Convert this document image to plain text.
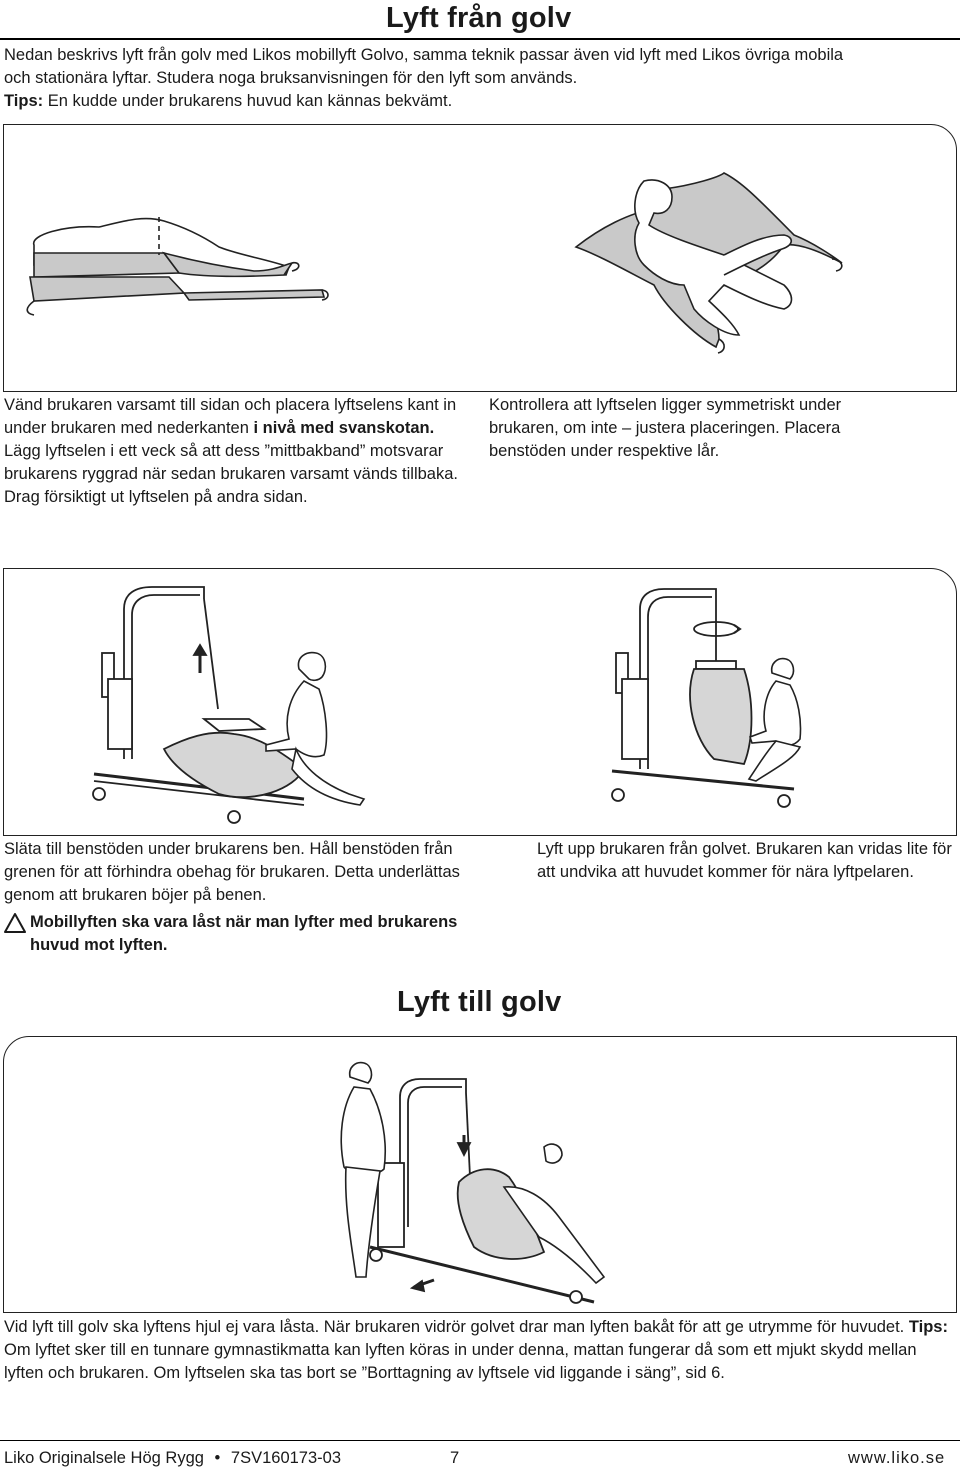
Lyft från golv

Nedan beskrivs lyft från golv med Likos mobillyft Golvo, samma teknik passar även vid lyft med Likos övriga mobila

och stationära lyftar. Studera noga bruksanvisningen för den lyft som används.

Tips: En kudde under brukarens huvud kan kännas bekvämt.

Vänd brukaren varsamt till sidan och placera lyftselens kant in under brukaren med nederkanten i nivå med svanskotan. Lägg lyftselen i ett veck så att dess ”mittbakband” motsvarar brukarens ryggrad när sedan brukaren varsamt vänds tillbaka. Drag försiktigt ut lyftselen på andra sidan.

Kontrollera att lyftselen ligger symmetriskt under brukaren, om inte – justera placeringen. Placera benstöden under respektive lår.

Släta till benstöden under brukarens ben. Håll benstöden från grenen för att förhindra obehag för brukaren. Detta underlättas genom att brukaren böjer på benen.

Mobillyften ska vara låst när man lyfter med brukarens huvud mot lyften.

Lyft upp brukaren från golvet. Brukaren kan vridas lite för att undvika att huvudet kommer för nära lyftpelaren.

Lyft till golv

Vid lyft till golv ska lyftens hjul ej vara låsta. När brukaren vidrör golvet drar man lyften bakåt för att ge utrymme för huvudet. Tips: Om lyftet sker till en tunnare gymnastikmatta kan lyften köras in under denna, mattan fungerar då som ett mjukt skydd mellan lyften och brukaren. Om lyftselen ska tas bort se ”Borttagning av lyftsele vid liggande i säng”, sid 6.

Liko Originalsele Hög Rygg • 7SV160173-03	7	www.liko.se
